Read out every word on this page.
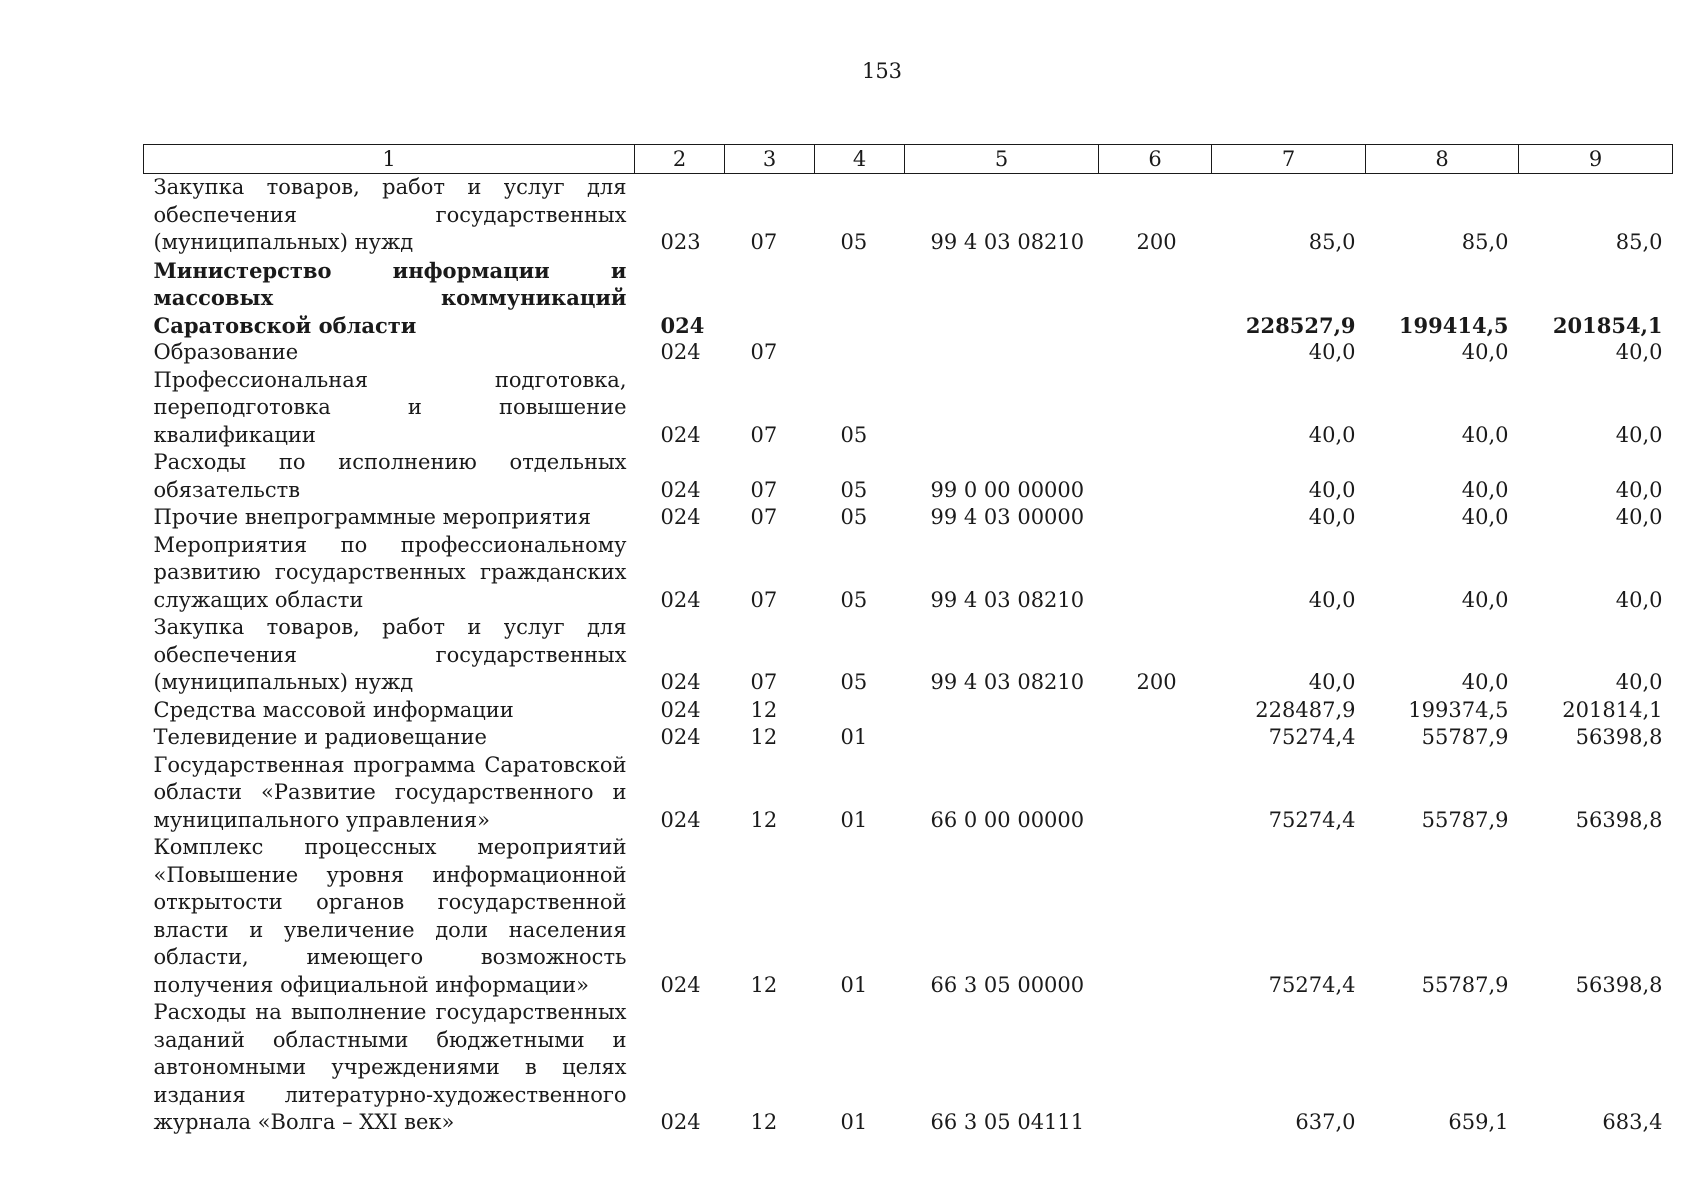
153
1	2	3	4	5	6	7	8	9
Закупка товаров, работ и услуг для обеспечения государственных (муниципальных) нужд	023	07	05	99 4 03 08210	200	85,0	85,0	85,0
Министерство информации и массовых коммуникаций Саратовской области	024					228527,9	199414,5	201854,1
Образование	024	07				40,0	40,0	40,0
Профессиональная подготовка, переподготовка и повышение квалификации	024	07	05			40,0	40,0	40,0
Расходы по исполнению отдельных обязательств	024	07	05	99 0 00 00000		40,0	40,0	40,0
Прочие внепрограммные мероприятия	024	07	05	99 4 03 00000		40,0	40,0	40,0
Мероприятия по профессиональному развитию государственных гражданских служащих области	024	07	05	99 4 03 08210		40,0	40,0	40,0
Закупка товаров, работ и услуг для обеспечения государственных (муниципальных) нужд	024	07	05	99 4 03 08210	200	40,0	40,0	40,0
Средства массовой информации	024	12				228487,9	199374,5	201814,1
Телевидение и радиовещание	024	12	01			75274,4	55787,9	56398,8
Государственная программа Саратовской области «Развитие государственного и муниципального управления»	024	12	01	66 0 00 00000		75274,4	55787,9	56398,8
Комплекс процессных мероприятий «Повышение уровня информационной открытости органов государственной власти и увеличение доли населения области, имеющего возможность получения официальной информации»	024	12	01	66 3 05 00000		75274,4	55787,9	56398,8
Расходы на выполнение государственных заданий областными бюджетными и автономными учреждениями в целях издания литературно-художественного журнала «Волга – XXI век»	024	12	01	66 3 05 04111		637,0	659,1	683,4
